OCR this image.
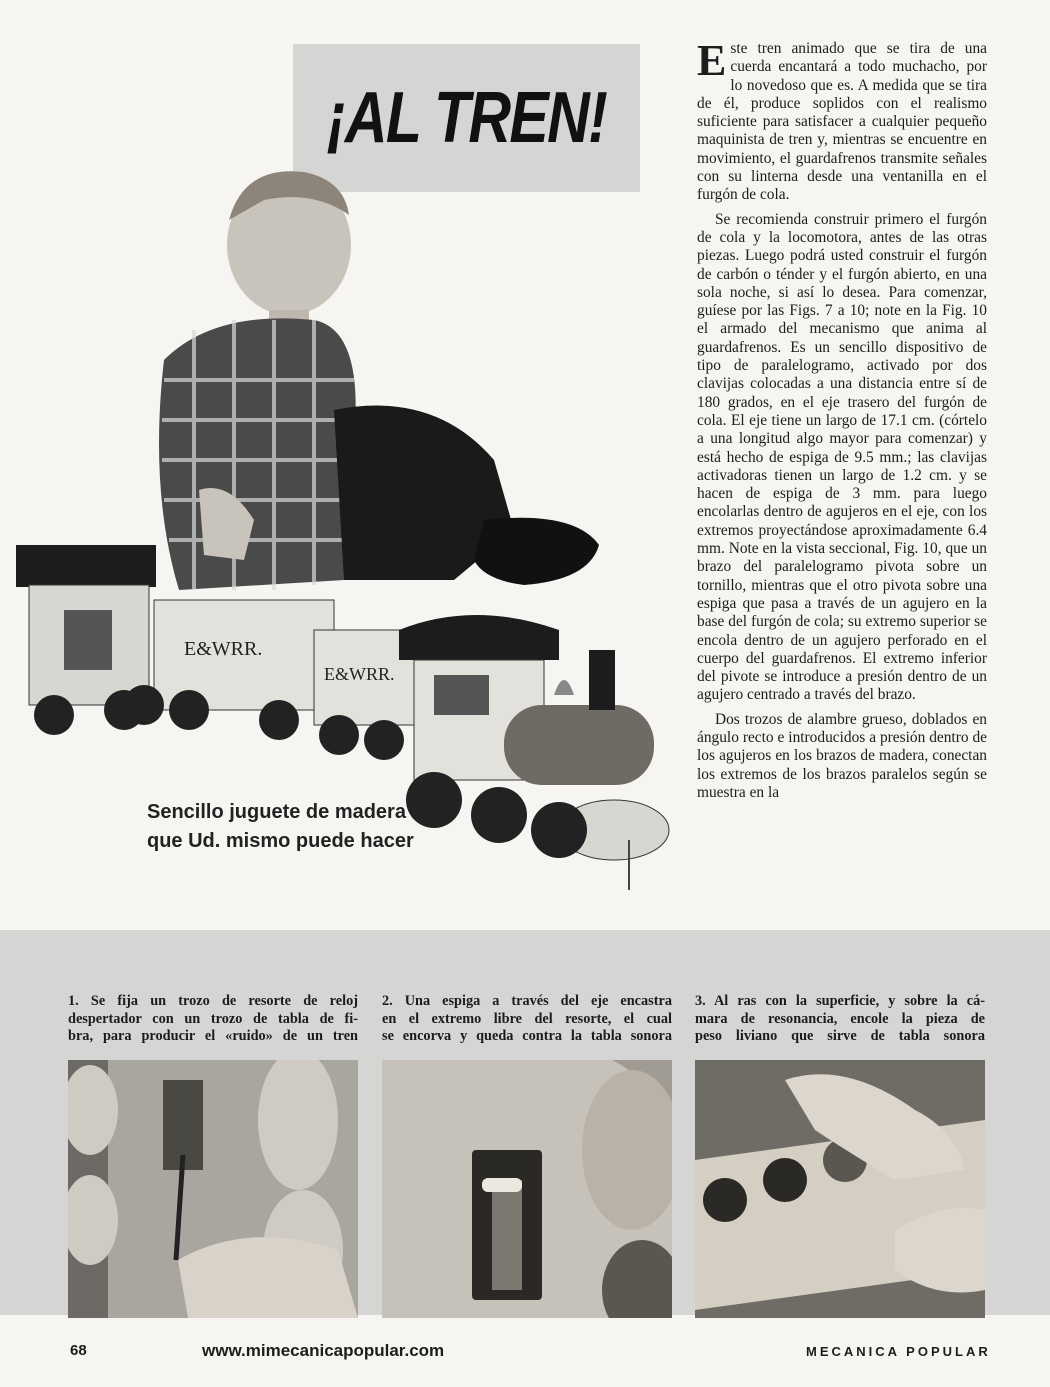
¡AL TREN!
E&WRR.
E&WRR.
Sencillo juguete de madera que Ud. mismo puede hacer

Este tren animado que se tira de una cuerda encantará a todo muchacho, por lo novedoso que es. A medida que se tira de él, produce soplidos con el realismo suficiente para satisfacer a cualquier pequeño maquinista de tren y, mientras se encuentre en movimiento, el guardafrenos transmite señales con su linterna desde una ventanilla en el furgón de cola.

Se recomienda construir primero el furgón de cola y la locomotora, antes de las otras piezas. Luego podrá usted construir el furgón de carbón o ténder y el furgón abierto, en una sola noche, si así lo desea. Para comenzar, guíese por las Figs. 7 a 10; note en la Fig. 10 el armado del mecanismo que anima al guardafrenos. Es un sencillo dispositivo de tipo de paralelogramo, activado por dos clavijas colocadas a una distancia entre sí de 180 grados, en el eje trasero del furgón de cola. El eje tiene un largo de 17.1 cm. (córtelo a una longitud algo mayor para comenzar) y está hecho de espiga de 9.5 mm.; las clavijas activadoras tienen un largo de 1.2 cm. y se hacen de espiga de 3 mm. para luego encolarlas dentro de agujeros en el eje, con los extremos proyectándose aproximadamente 6.4 mm. Note en la vista seccional, Fig. 10, que un brazo del paralelogramo pivota sobre un tornillo, mientras que el otro pivota sobre una espiga que pasa a través de un agujero en la base del furgón de cola; su extremo superior se encola dentro de un agujero perforado en el cuerpo del guardafrenos. El extremo inferior del pivote se introduce a presión dentro de un agujero centrado a través del brazo.

Dos trozos de alambre grueso, doblados en ángulo recto e introducidos a presión dentro de los agujeros en los brazos de madera, conectan los extremos de los brazos paralelos según se muestra en la

1. Se fija un trozo de resorte de reloj
despertador con un trozo de tabla de fi-
bra, para producir el «ruido» de un tren
2. Una espiga a través del eje encastra
en el extremo libre del resorte, el cual
se encorva y queda contra la tabla sonora
3. Al ras con la superficie, y sobre la cá-
mara de resonancia, encole la pieza de
peso liviano que sirve de tabla sonora
68	www.mimecanicapopular.com	MECANICA POPULAR
